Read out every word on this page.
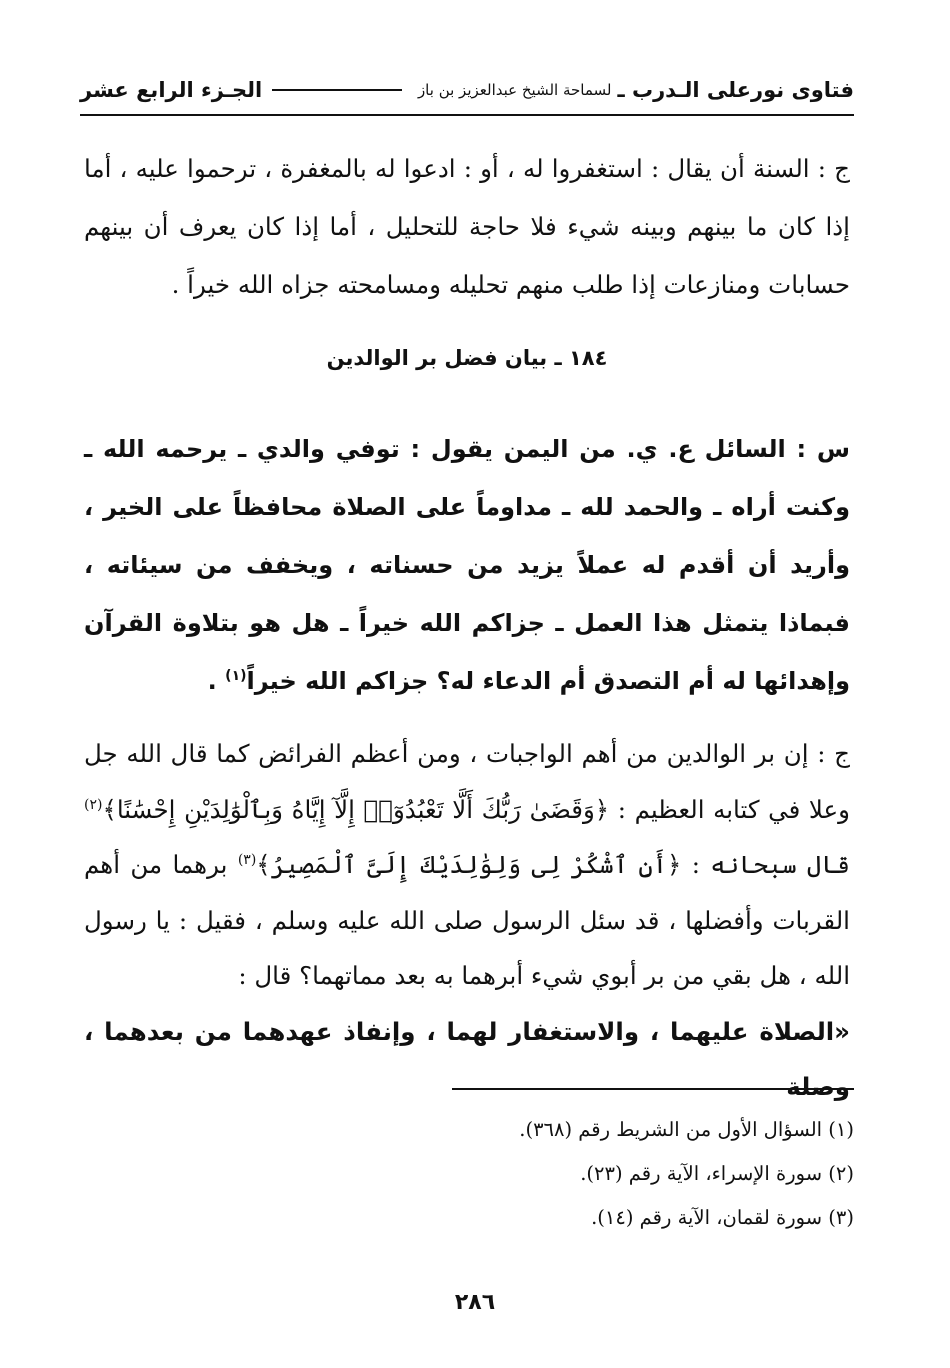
فتاوى نورعلى الـدرب ـ
لسماحة الشيخ عبدالعزيز بن باز
الجـزء الرابع عشر

ج : السنة أن يقال : استغفروا له ، أو : ادعوا له بالمغفرة ، ترحموا عليه ، أما إذا كان ما بينهم وبينه شيء فلا حاجة للتحليل ، أما إذا كان يعرف أن بينهم حسابات ومنازعات إذا طلب منهم تحليله ومسامحته جزاه الله خيراً .

١٨٤ ـ بيان فضل بر الوالدين

س : السائل ع. ي. من اليمن يقول : توفي والدي ـ يرحمه الله ـ وكنت أراه ـ والحمد لله ـ مداوماً على الصلاة محافظاً على الخير ، وأريد أن أقدم له عملاً يزيد من حسناته ، ويخفف من سيئاته ، فبماذا يتمثل هذا العمل ـ جزاكم الله خيراً ـ هل هو بتلاوة القرآن وإهدائها له أم التصدق أم الدعاء له؟ جزاكم الله خيراً$^{(١)}$ .

ج : إن بر الوالدين من أهم الواجبات ، ومن أعظم الفرائض كما قال الله جل وعلا في كتابه العظيم : ﴿وَقَضَىٰ رَبُّكَ أَلَّا تَعْبُدُوٓا۟ إِلَّآ إِيَّاهُ وَبِٱلْوَٰلِدَيْنِ إِحْسَٰنًا﴾$^{(٢)}$ قال سبحانه : ﴿أَنِ ٱشْكُرْ لِى وَلِوَٰلِدَيْكَ إِلَىَّ ٱلْمَصِيرُ﴾$^{(٣)}$ برهما من أهم القربات وأفضلها ، قد سئل الرسول صلى الله عليه وسلم ، فقيل : يا رسول الله ، هل بقي من بر أبوي شيء أبرهما به بعد مماتهما؟ قال :
«الصلاة عليهما ، والاستغفار لهما ، وإنفاذ عهدهما من بعدهما ، وصلة

(١) السؤال الأول من الشريط رقم (٣٦٨).

(٢) سورة الإسراء، الآية رقم (٢٣).

(٣) سورة لقمان، الآية رقم (١٤).

٢٨٦
